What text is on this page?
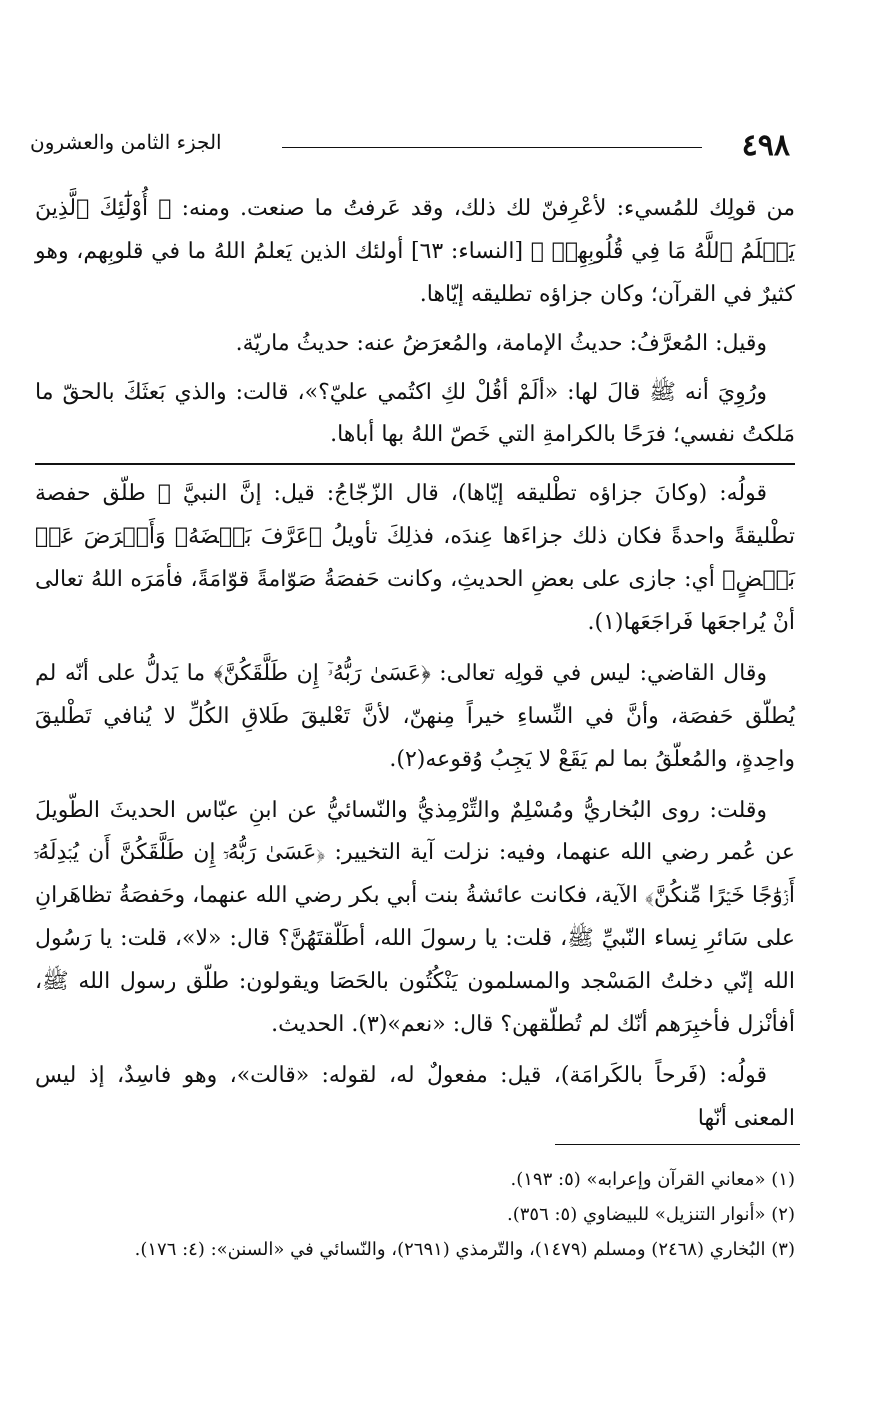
٤٩٨
الجزء الثامن والعشرون

من قولِك للمُسيء: لأعْرِفنّ لك ذلك، وقد عَرفتُ ما صنعت. ومنه: ﴿ أُوْلَٰٓئِكَ ٱلَّذِينَ يَعۡلَمُ ٱللَّهُ مَا فِي قُلُوبِهِمۡ ﴾ [النساء: ٦٣] أولئك الذين يَعلمُ اللهُ ما في قلوبِهم، وهو كثيرٌ في القرآن؛ وكان جزاؤه تطليقه إيّاها.

وقيل: المُعرَّفُ: حديثُ الإمامة، والمُعرَضُ عنه: حديثُ ماريّة.

ورُوِيَ أنه ﷺ قالَ لها: «ألَمْ أقُلْ لكِ اكتُمي عليّ؟»، قالت: والذي بَعثَكَ بالحقّ ما مَلكتُ نفسي؛ فرَحًا بالكرامةِ التي خَصّ اللهُ بها أباها.

قولُه: (وكانَ جزاؤه تطْليقه إيّاها)، قال الزّجّاجُ: قيل: إنَّ النبيَّ ﷺ طلّق حفصة تطْليقةً واحدةً فكان ذلك جزاءَها عِندَه، فذلِكَ تأويلُ ﴿عَرَّفَ بَعۡضَهُۥ وَأَعۡرَضَ عَنۢ بَعۡضٍ﴾ أي: جازى على بعضِ الحديثِ، وكانت حَفصَةُ صَوّامةً قوّامَةً، فأمَرَه اللهُ تعالى أنْ يُراجعَها فَراجَعَها(١).

وقال القاضي: ليس في قولِه تعالى: ﴿عَسَىٰ رَبُّهُۥٓ إِن طَلَّقَكُنَّ﴾ ما يَدلُّ على أنّه لم يُطلّق حَفصَة، وأنَّ في النِّساءِ خيراً مِنهنّ، لأنَّ تَعْليقَ طَلاقِ الكُلِّ لا يُنافي تَطْليقَ واحِدةٍ، والمُعلّقُ بما لم يَقَعْ لا يَجِبُ وُقوعه(٢).

وقلت: روى البُخاريُّ ومُسْلِمٌ والتِّرْمِذيُّ والنّسائيُّ عن ابنِ عبّاس الحديثَ الطّويلَ عن عُمر رضي الله عنهما، وفيه: نزلت آية التخيير: ﴿عَسَىٰ رَبُّهُۥٓ إِن طَلَّقَكُنَّ أَن يُبۡدِلَهُۥٓ أَزۡوَٰجًا خَيۡرًا مِّنكُنَّ﴾ الآية، فكانت عائشةُ بنت أبي بكر رضي الله عنهما، وحَفصَةُ تظاهَرانِ على سَائرِ نِساء النّبيِّ ﷺ، قلت: يا رسولَ الله، أطَلّقتَهُنَّ؟ قال: «لا»، قلت: يا رَسُول الله إنّي دخلتُ المَسْجد والمسلمون يَنْكُتُون بالحَصَا ويقولون: طلّق رسول الله ﷺ، أفأنْزل فأخبِرَهم أنّك لم تُطلّقهن؟ قال: «نعم»(٣). الحديث.

قولُه: (فَرحاً بالكَرامَة)، قيل: مفعولٌ له، لقوله: «قالت»، وهو فاسِدٌ، إذ ليس المعنى أنّها

(١) «معاني القرآن وإعرابه» (٥: ١٩٣).

(٢) «أنوار التنزيل» للبيضاوي (٥: ٣٥٦).

(٣) البُخاري (٢٤٦٨) ومسلم (١٤٧٩)، والتّرمذي (٢٦٩١)، والنّسائي في «السنن»: (٤: ١٧٦).
